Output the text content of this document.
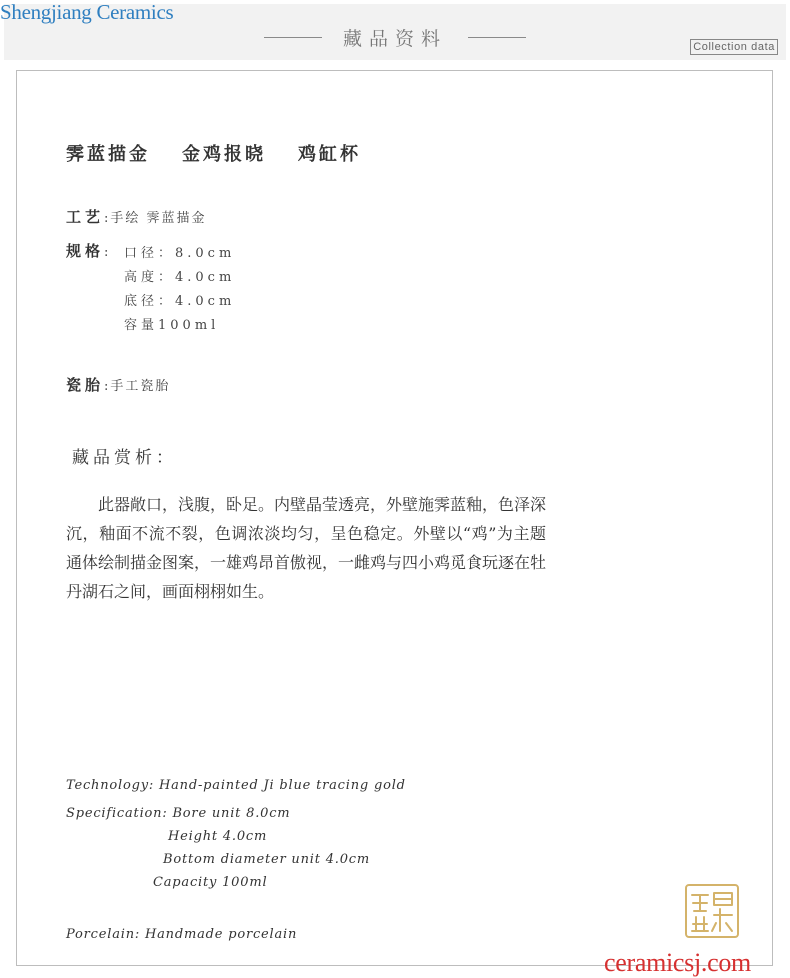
藏品资料	Collection data
Shengjiang Ceramics
霁蓝描金 金鸡报晓 鸡缸杯
工艺:手绘 霁蓝描金
规格: 口径：8.0cm
高度：4.0cm
底径：4.0cm
容量100ml
瓷胎:手工瓷胎
藏品赏析：
此器敞口，浅腹，卧足。内壁晶莹透亮，外壁施霁蓝釉，色泽深沉，釉面不流不裂，色调浓淡均匀，呈色稳定。外壁以“鸡”为主题通体绘制描金图案，一雄鸡昂首傲视，一雌鸡与四小鸡觅食玩逐在牡丹湖石之间，画面栩栩如生。
Technology: Hand-painted Ji blue tracing gold
Specification: Bore unit 8.0cm
Height 4.0cm
Bottom diameter unit 4.0cm
Capacity 100ml
Porcelain: Handmade porcelain
ceramicsj.com
